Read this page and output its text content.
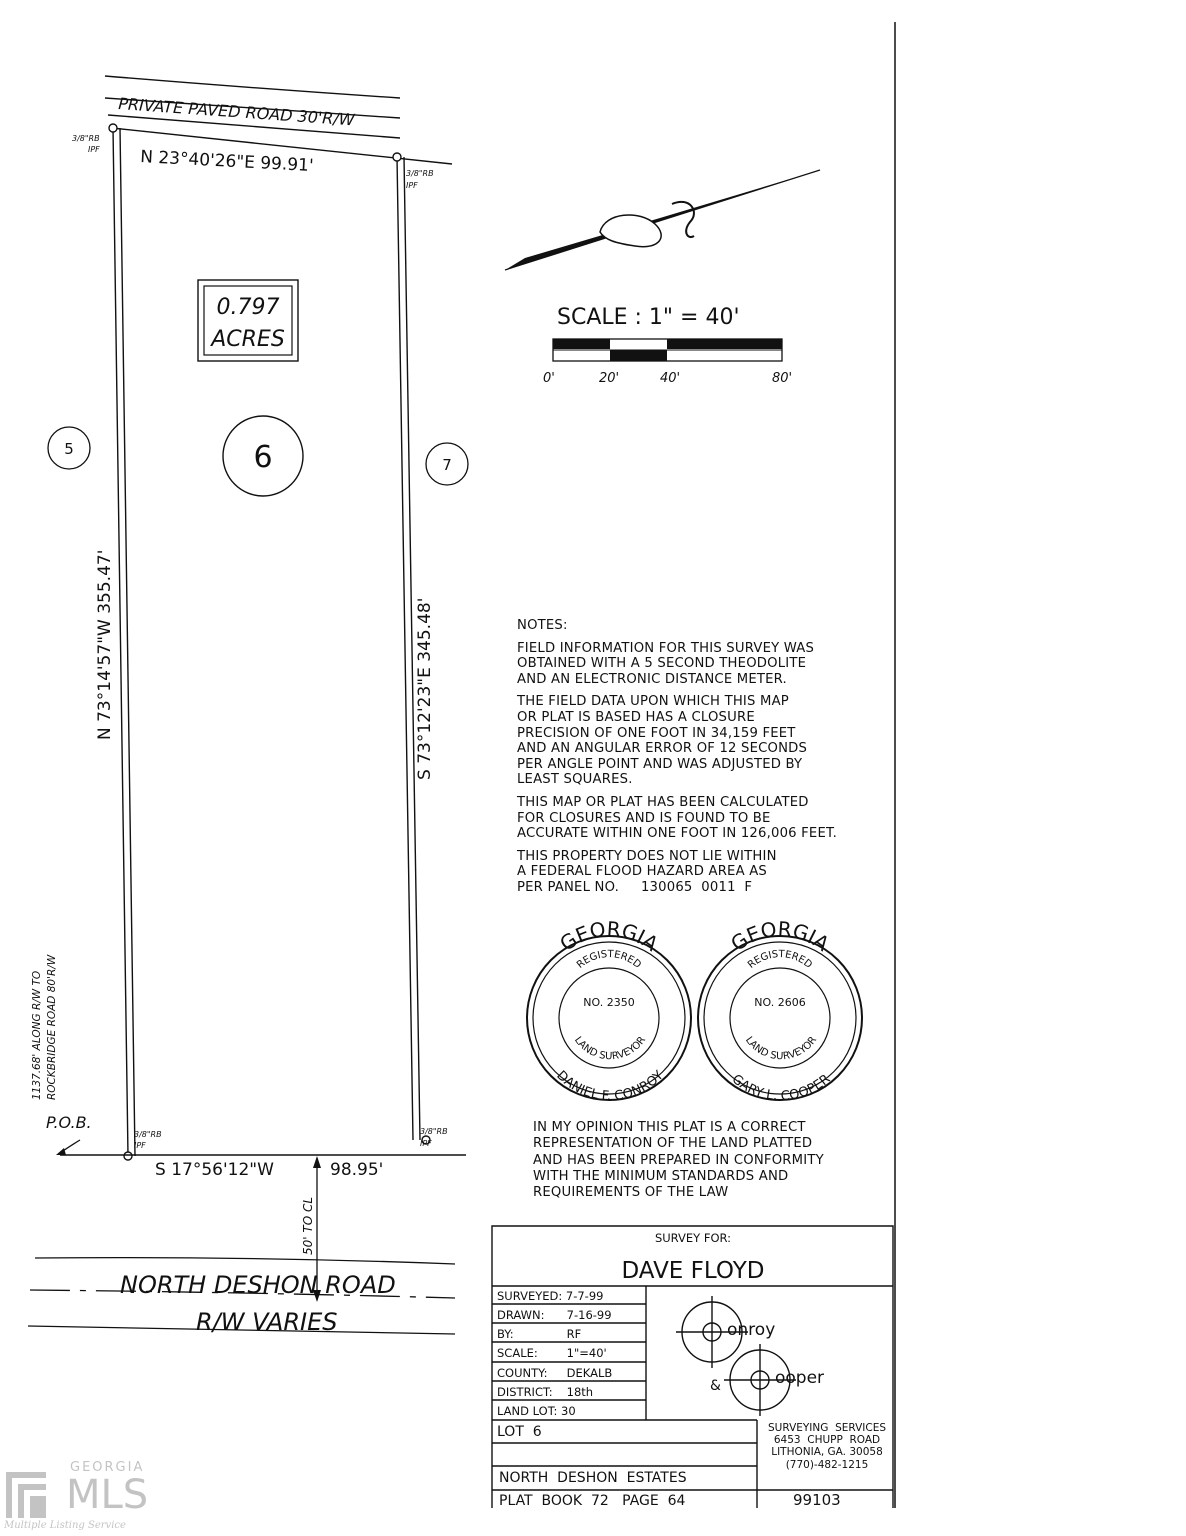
PRIVATE PAVED ROAD 30'R/W
N 23°40'26"E 99.91'
3/8"RB
IPF
3/8"RB
IPF
3/8"RB
IPF
3/8"RB
IPF
0.797
ACRES
6
5
7
N 73°14'57"W 355.47'	S 73°12'23"E 345.48'
S 17°56'12"W	98.95'
P.O.B.
1137.68' ALONG R/W TO ROCKBRIDGE ROAD 80'R/W
50' TO CL
NORTH DESHON ROAD
R/W VARIES
SCALE : 1" = 40'
0'	20'	40'	80'
GEORGIA
REGISTERED
NO. 2350
LAND SURVEYOR
DANIEL F. CONROY
GEORGIA
REGISTERED
NO. 2606
LAND SURVEYOR
GARY L. COOPER
SURVEY FOR:
DAVE FLOYD
onroy
&	ooper

NOTES:

FIELD INFORMATION FOR THIS SURVEY WAS
OBTAINED WITH A 5 SECOND THEODOLITE
AND AN ELECTRONIC DISTANCE METER.

THE FIELD DATA UPON WHICH THIS MAP
OR PLAT IS BASED HAS A CLOSURE
PRECISION OF ONE FOOT IN 34,159 FEET
AND AN ANGULAR ERROR OF 12 SECONDS
PER ANGLE POINT AND WAS ADJUSTED BY
LEAST SQUARES.

THIS MAP OR PLAT HAS BEEN CALCULATED
FOR CLOSURES AND IS FOUND TO BE
ACCURATE WITHIN ONE FOOT IN 126,006 FEET.

THIS PROPERTY DOES NOT LIE WITHIN
A FEDERAL FLOOD HAZARD AREA AS
PER PANEL NO.     130065  0011  F

IN MY OPINION THIS PLAT IS A CORRECT
REPRESENTATION OF THE LAND PLATTED
AND HAS BEEN PREPARED IN CONFORMITY
WITH THE MINIMUM STANDARDS AND
REQUIREMENTS OF THE LAW
SURVEYED: 7-7-99
DRAWN: 7-16-99
BY:	RF
SCALE:	1"=40'
COUNTY: DEKALB
DISTRICT: 18th
LAND LOT: 30
LOT  6
NORTH  DESHON  ESTATES
PLAT  BOOK  72   PAGE  64	99103
SURVEYING  SERVICES
6453  CHUPP  ROAD
LITHONIA, GA. 30058
(770)-482-1215
GEORGIA
MLS
Multiple Listing Service
